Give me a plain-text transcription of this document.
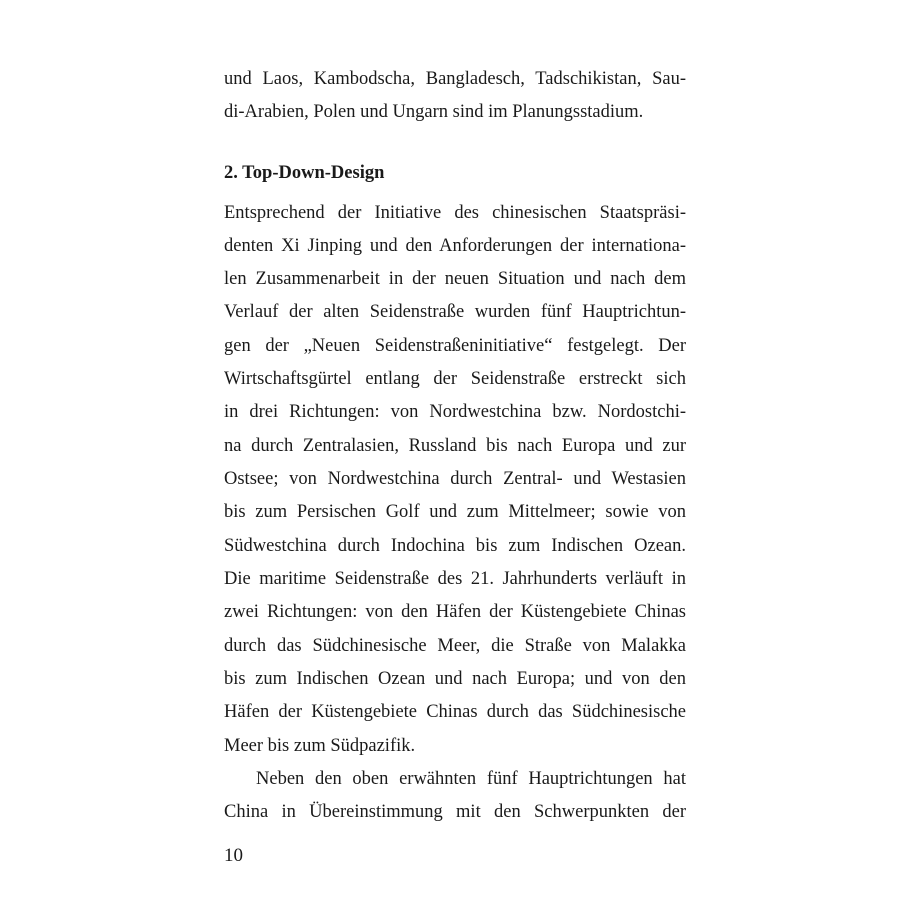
und Laos, Kambodscha, Bangladesch, Tadschikistan, Sau-
di-Arabien, Polen und Ungarn sind im Planungsstadium.
2. Top-Down-Design
Entsprechend der Initiative des chinesischen Staatspräsi-
denten Xi Jinping und den Anforderungen der internationa-
len Zusammenarbeit in der neuen Situation und nach dem
Verlauf der alten Seidenstraße wurden fünf Hauptrichtun-
gen der „Neuen Seidenstraßeninitiative“ festgelegt. Der
Wirtschaftsgürtel entlang der Seidenstraße erstreckt sich
in drei Richtungen: von Nordwestchina bzw. Nordostchi-
na durch Zentralasien, Russland bis nach Europa und zur
Ostsee; von Nordwestchina durch Zentral- und Westasien
bis zum Persischen Golf und zum Mittelmeer; sowie von
Südwestchina durch Indochina bis zum Indischen Ozean.
Die maritime Seidenstraße des 21. Jahrhunderts verläuft in
zwei Richtungen: von den Häfen der Küstengebiete Chinas
durch das Südchinesische Meer, die Straße von Malakka
bis zum Indischen Ozean und nach Europa; und von den
Häfen der Küstengebiete Chinas durch das Südchinesische
Meer bis zum Südpazifik.
Neben den oben erwähnten fünf Hauptrichtungen hat
China in Übereinstimmung mit den Schwerpunkten der
10
